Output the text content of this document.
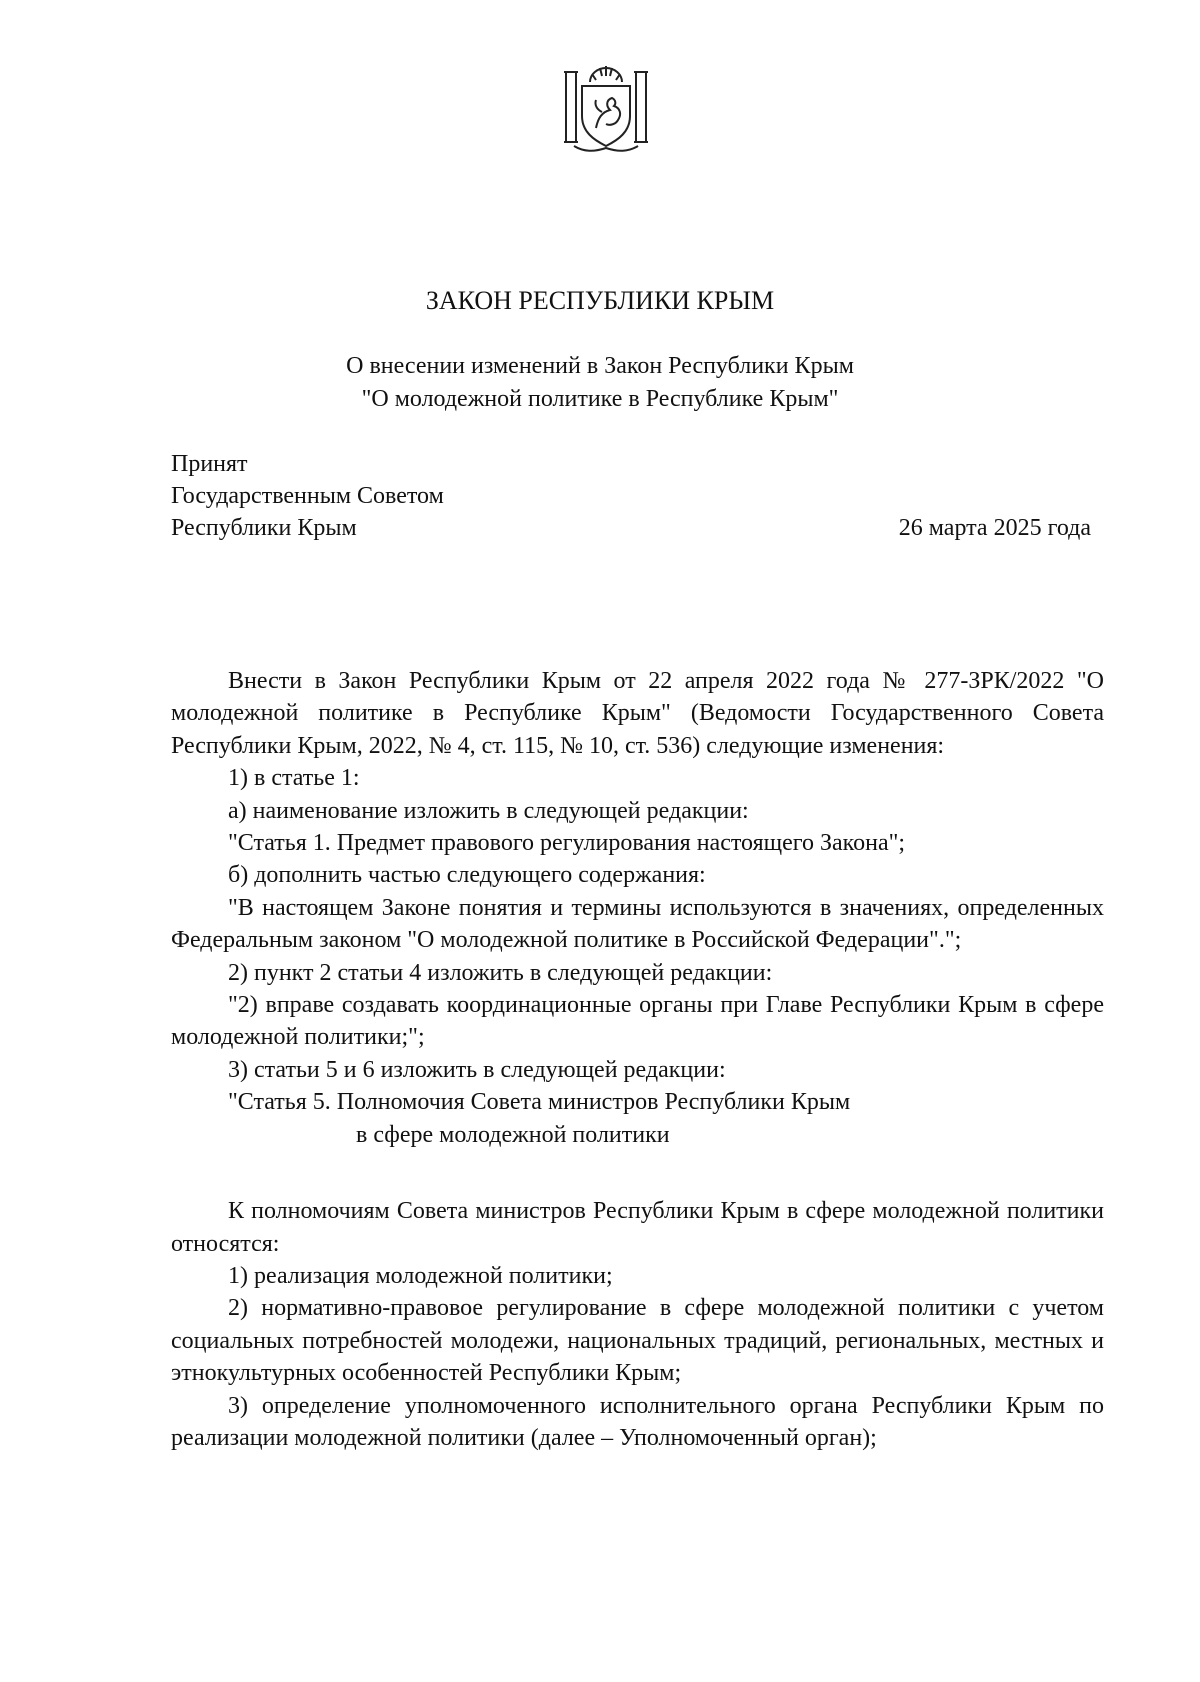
ЗАКОН РЕСПУБЛИКИ КРЫМ
О внесении изменений в Закон Республики Крым
"О молодежной политике в Республике Крым"
Принят
Государственным Советом
Республики Крым	26 марта 2025 года

Внести в Закон Республики Крым от 22 апреля 2022 года № 277-ЗРК/2022 "О молодежной политике в Республике Крым" (Ведомости Государственного Совета Республики Крым, 2022, № 4, ст. 115, № 10, ст. 536) следующие изменения:

1) в статье 1:

а) наименование изложить в следующей редакции:

"Статья 1. Предмет правового регулирования настоящего Закона";

б) дополнить частью следующего содержания:

"В настоящем Законе понятия и термины используются в значениях, определенных Федеральным законом "О молодежной политике в Российской Федерации".";

2) пункт 2 статьи 4 изложить в следующей редакции:

"2) вправе создавать координационные органы при Главе Республики Крым в сфере молодежной политики;";

3) статьи 5 и 6 изложить в следующей редакции:

"Статья 5. Полномочия Совета министров Республики Крым
в сфере молодежной политики

К полномочиям Совета министров Республики Крым в сфере молодежной политики относятся:

1) реализация молодежной политики;

2) нормативно-правовое регулирование в сфере молодежной политики с учетом социальных потребностей молодежи, национальных традиций, региональных, местных и этнокультурных особенностей Республики Крым;

3) определение уполномоченного исполнительного органа Республики Крым по реализации молодежной политики (далее – Уполномоченный орган);
